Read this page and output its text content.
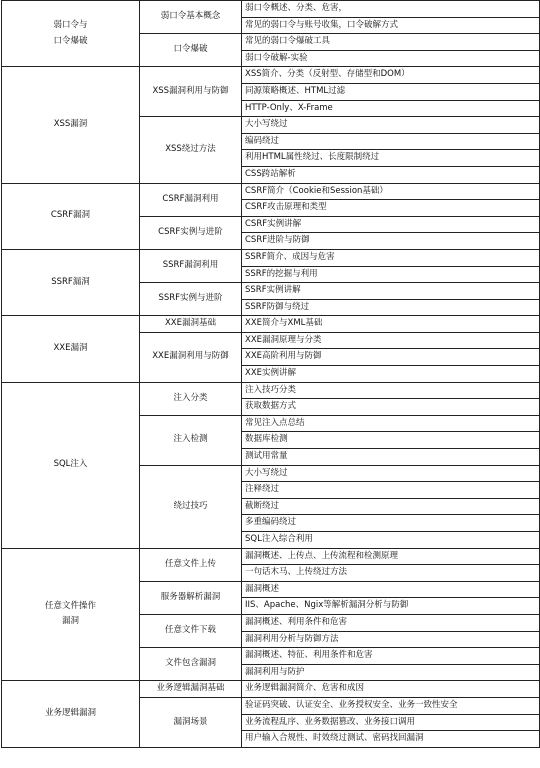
弱口令与
口令爆破	弱口令基本概念	弱口令概述、分类、危害，
		常见的弱口令与账号收集，口令破解方式
	口令爆破	常见的弱口令爆破工具
		弱口令破解-实验
XSS漏洞	XSS漏洞利用与防御	XSS简介、分类（反射型、存储型和DOM）
		同源策略概述、HTML过滤
		HTTP-Only、X-Frame
	XSS绕过方法	大小写绕过
		编码绕过
		利用HTML属性绕过、长度限制绕过
		CSS跨站解析
CSRF漏洞	CSRF漏洞利用	CSRF简介（Cookie和Session基础）
		CSRF攻击原理和类型
	CSRF实例与进阶	CSRF实例讲解
		CSRF进阶与防御
SSRF漏洞	SSRF漏洞利用	SSRF简介、成因与危害
		SSRF的挖掘与利用
	SSRF实例与进阶	SSRF实例讲解
		SSRF防御与绕过
XXE漏洞	XXE漏洞基础	XXE简介与XML基础
	XXE漏洞利用与防御	XXE漏洞原理与分类
		XXE高阶利用与防御
		XXE实例讲解
SQL注入	注入分类	注入技巧分类
		获取数据方式
	注入检测	常见注入点总结
		数据库检测
		测试用常量
	绕过技巧	大小写绕过
		注释绕过
		截断绕过
		多重编码绕过
		SQL注入综合利用
任意文件操作
漏洞	任意文件上传	漏洞概述、上传点、上传流程和检测原理
		一句话木马、上传绕过方法
	服务器解析漏洞	漏洞概述
		IIS、Apache、Ngix等解析漏洞分析与防御
	任意文件下载	漏洞概述、利用条件和危害
		漏洞利用分析与防御方法
	文件包含漏洞	漏洞概述、特征、利用条件和危害
		漏洞利用与防护
业务逻辑漏洞	业务逻辑漏洞基础	业务逻辑漏洞简介、危害和成因
	漏洞场景	验证码突破、认证安全、业务授权安全、业务一致性安全
		业务流程乱序、业务数据篡改、业务接口调用
		用户输入合规性、时效绕过测试、密码找回漏洞
